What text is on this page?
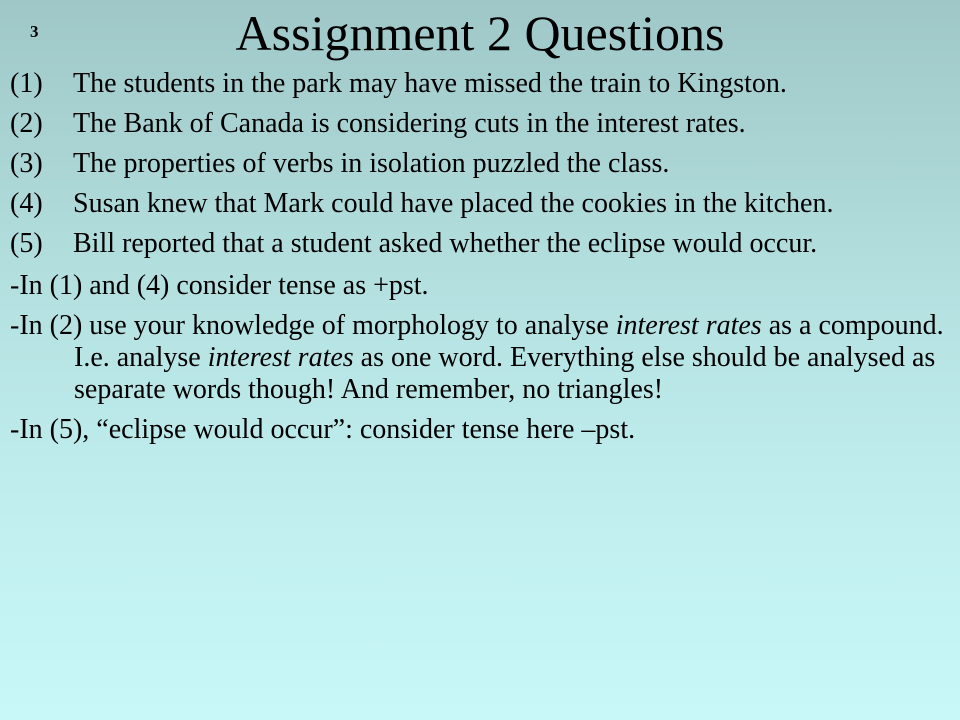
3	Assignment 2 Questions
(1)	The students in the park may have missed the train to Kingston.
(2)	The Bank of Canada is considering cuts in the interest rates.
(3)	The properties of verbs in isolation puzzled the class.
(4)	Susan knew that Mark could have placed the cookies in the kitchen.
(5)	Bill reported that a student asked whether the eclipse would occur.
-In (1) and (4) consider tense as +pst.
-In (2) use your knowledge of morphology to analyse interest rates as a compound. I.e. analyse interest rates as one word. Everything else should be analysed as separate words though! And remember, no triangles!
-In (5), “eclipse would occur”: consider tense here –pst.
